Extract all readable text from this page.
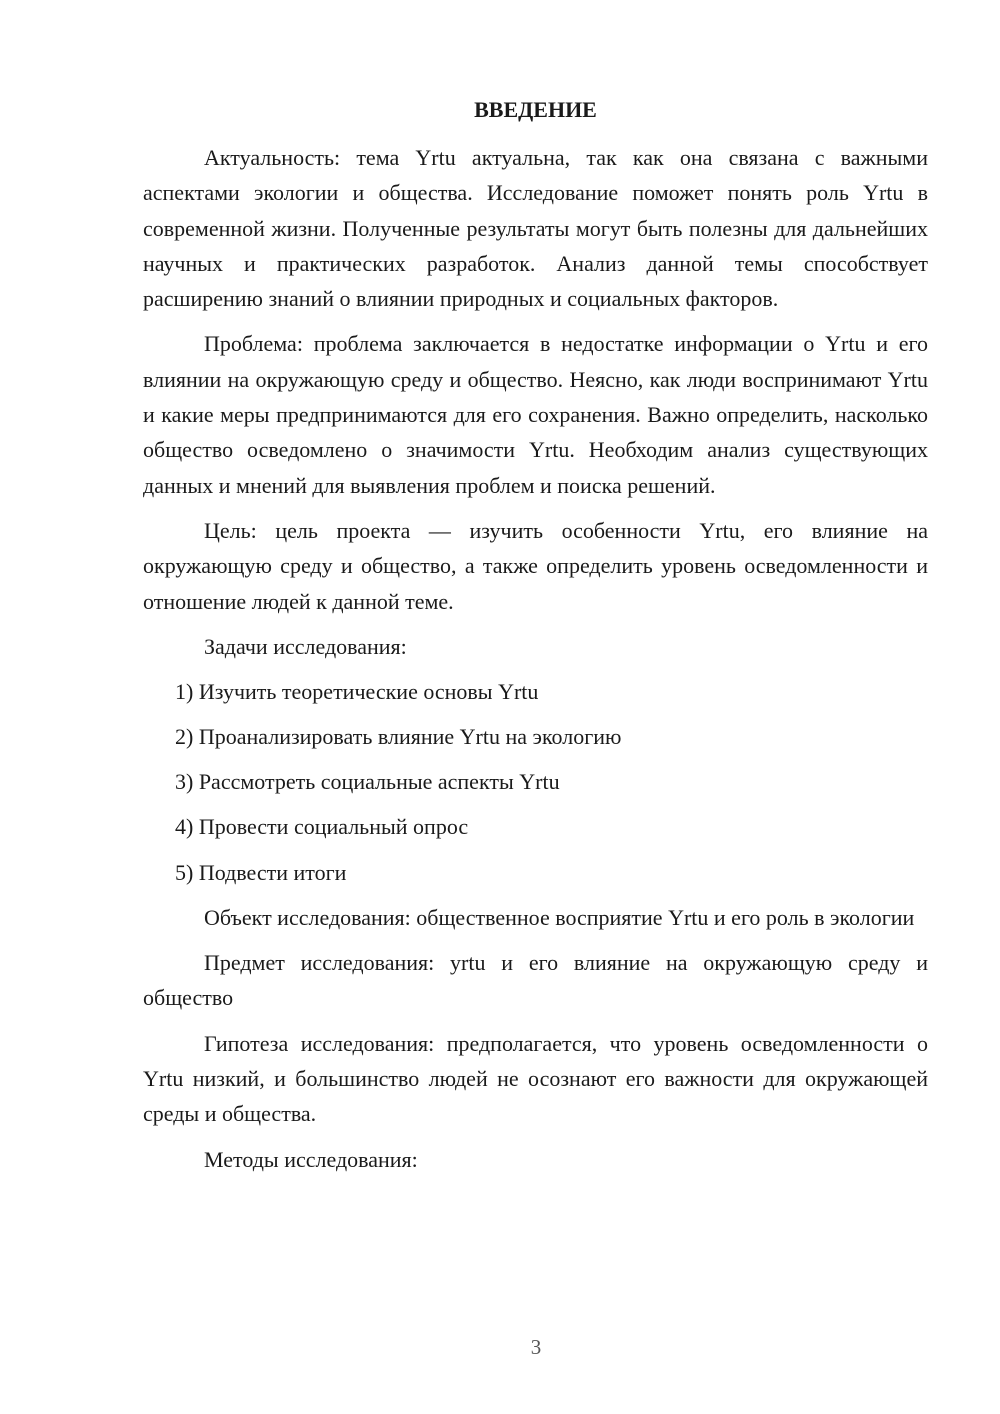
ВВЕДЕНИЕ

Актуальность: тема Yrtu актуальна, так как она связана с важными аспектами экологии и общества. Исследование поможет понять роль Yrtu в современной жизни. Полученные результаты могут быть полезны для дальнейших научных и практических разработок. Анализ данной темы способствует расширению знаний о влиянии природных и социальных факторов.

Проблема: проблема заключается в недостатке информации о Yrtu и его влиянии на окружающую среду и общество. Неясно, как люди воспринимают Yrtu и какие меры предпринимаются для его сохранения. Важно определить, насколько общество осведомлено о значимости Yrtu. Необходим анализ существующих данных и мнений для выявления проблем и поиска решений.

Цель: цель проекта — изучить особенности Yrtu, его влияние на окружающую среду и общество, а также определить уровень осведомленности и отношение людей к данной теме.

Задачи исследования:

1) Изучить теоретические основы Yrtu
2) Проанализировать влияние Yrtu на экологию
3) Рассмотреть социальные аспекты Yrtu
4) Провести социальный опрос
5) Подвести итоги

Объект исследования: общественное восприятие Yrtu и его роль в экологии

Предмет исследования: yrtu и его влияние на окружающую среду и общество

Гипотеза исследования: предполагается, что уровень осведомленности о Yrtu низкий, и большинство людей не осознают его важности для окружающей среды и общества.

Методы исследования:

3
